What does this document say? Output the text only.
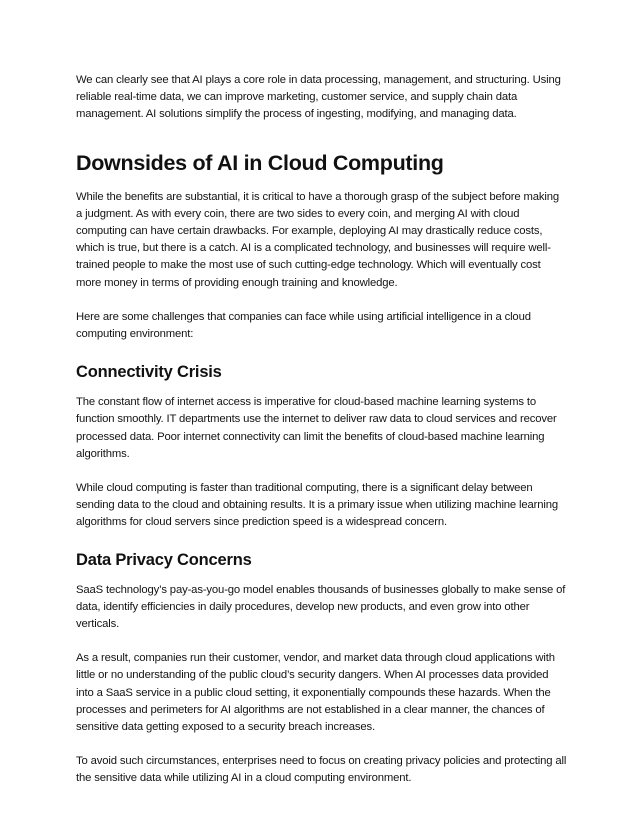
We can clearly see that AI plays a core role in data processing, management, and structuring. Using reliable real-time data, we can improve marketing, customer service, and supply chain data management. AI solutions simplify the process of ingesting, modifying, and managing data.

Downsides of AI in Cloud Computing

While the benefits are substantial, it is critical to have a thorough grasp of the subject before making a judgment. As with every coin, there are two sides to every coin, and merging AI with cloud computing can have certain drawbacks. For example, deploying AI may drastically reduce costs, which is true, but there is a catch. AI is a complicated technology, and businesses will require well-trained people to make the most use of such cutting-edge technology. Which will eventually cost more money in terms of providing enough training and knowledge.

Here are some challenges that companies can face while using artificial intelligence in a cloud computing environment:

Connectivity Crisis

The constant flow of internet access is imperative for cloud-based machine learning systems to function smoothly. IT departments use the internet to deliver raw data to cloud services and recover processed data. Poor internet connectivity can limit the benefits of cloud-based machine learning algorithms.

While cloud computing is faster than traditional computing, there is a significant delay between sending data to the cloud and obtaining results. It is a primary issue when utilizing machine learning algorithms for cloud servers since prediction speed is a widespread concern.

Data Privacy Concerns

SaaS technology’s pay-as-you-go model enables thousands of businesses globally to make sense of data, identify efficiencies in daily procedures, develop new products, and even grow into other verticals.

As a result, companies run their customer, vendor, and market data through cloud applications with little or no understanding of the public cloud’s security dangers. When AI processes data provided into a SaaS service in a public cloud setting, it exponentially compounds these hazards. When the processes and perimeters for AI algorithms are not established in a clear manner, the chances of sensitive data getting exposed to a security breach increases.

To avoid such circumstances, enterprises need to focus on creating privacy policies and protecting all the sensitive data while utilizing AI in a cloud computing environment.
